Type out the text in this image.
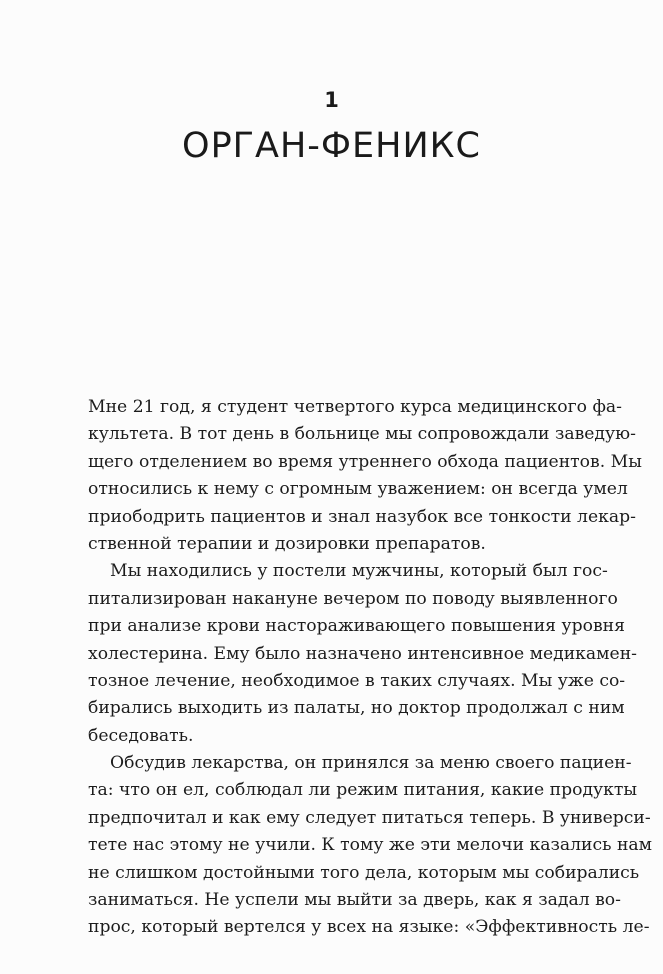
1
ОРГАН-ФЕНИКС
Мне 21 год, я студент четвертого курса медицинского фа-
культета. В тот день в больнице мы сопровождали заведую-
щего отделением во время утреннего обхода пациентов. Мы
относились к нему с огромным уважением: он всегда умел
приободрить пациентов и знал назубок все тонкости лекар-
ственной терапии и дозировки препаратов.
Мы находились у постели мужчины, который был гос-
питализирован накануне вечером по поводу выявленного
при анализе крови настораживающего повышения уровня
холестерина. Ему было назначено интенсивное медикамен-
тозное лечение, необходимое в таких случаях. Мы уже со-
бирались выходить из палаты, но доктор продолжал с ним
беседовать.
Обсудив лекарства, он принялся за меню своего пациен-
та: что он ел, соблюдал ли режим питания, какие продукты
предпочитал и как ему следует питаться теперь. В универси-
тете нас этому не учили. К тому же эти мелочи казались нам
не слишком достойными того дела, которым мы собирались
заниматься. Не успели мы выйти за дверь, как я задал во-
прос, который вертелся у всех на языке: «Эффективность ле-
